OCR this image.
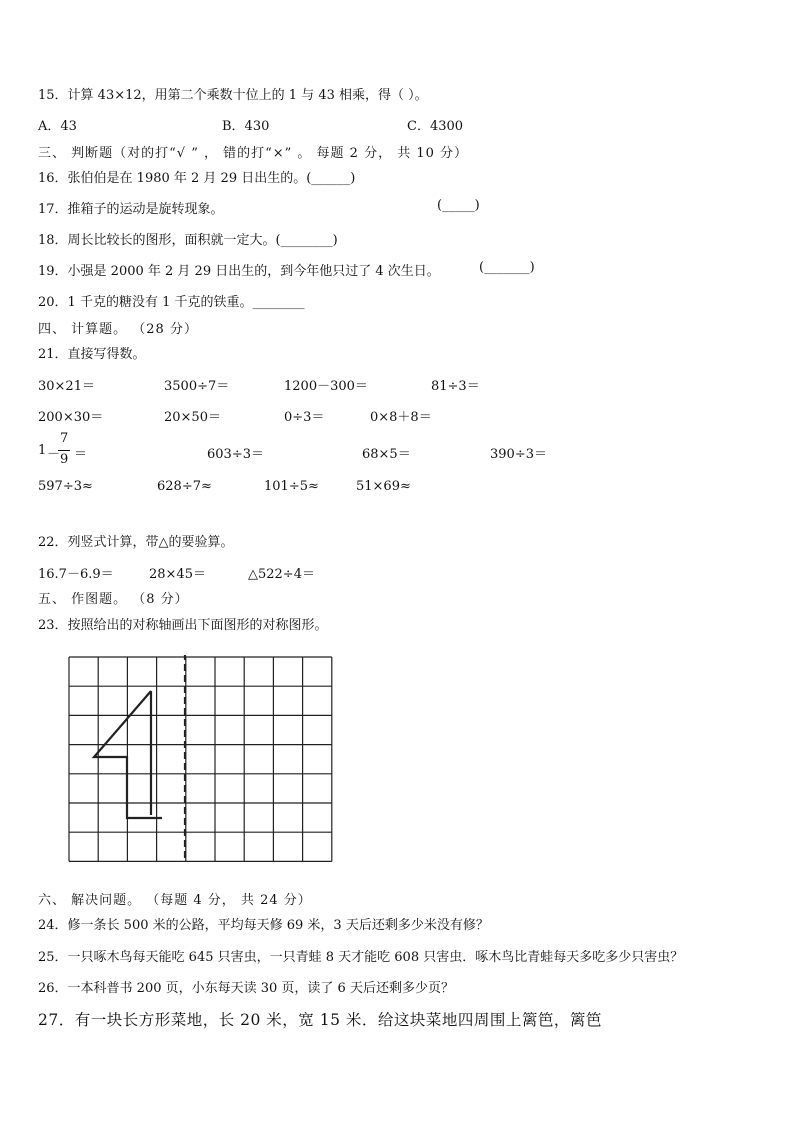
15．计算 43×12，用第二个乘数十位上的 1 与 43 相乘，得（ ）。
A．43	B．430	C．4300
三、 判断题（对的打“√ ” ， 错的打“×” 。 每题 2 分， 共 10 分）
16．张伯伯是在 1980 年 2 月 29 日出生的。(______)
17．推箱子的运动是旋转现象。	(_____)
18．周长比较长的图形，面积就一定大。(________)
19．小强是 2000 年 2 月 29 日出生的，到今年他只过了 4 次生日。	(_______)
20．1 千克的糖没有 1 千克的铁重。________
四、 计算题。 （28 分）
21．直接写得数。
30×21＝	3500÷7＝	1200－300＝	81÷3＝
200×30＝	20×50＝	0÷3＝	0×8＋8＝
1 －
7
9 ＝	603÷3＝	68×5＝	390÷3＝
597÷3≈	628÷7≈	101÷5≈	51×69≈
22．列竖式计算，带△的要验算。
16.7－6.9＝	28×45＝	△522÷4＝
五、 作图题。 （8 分）
23．按照给出的对称轴画出下面图形的对称图形。
六、 解决问题。 （每题 4 分， 共 24 分）
24．修一条长 500 米的公路，平均每天修 69 米，3 天后还剩多少米没有修？
25．一只啄木鸟每天能吃 645 只害虫，一只青蛙 8 天才能吃 608 只害虫．啄木鸟比青蛙每天多吃多少只害虫？
26．一本科普书 200 页，小东每天读 30 页，读了 6 天后还剩多少页？
27．有一块长方形菜地，长 20 米，宽 15 米．给这块菜地四周围上篱笆，篱笆
